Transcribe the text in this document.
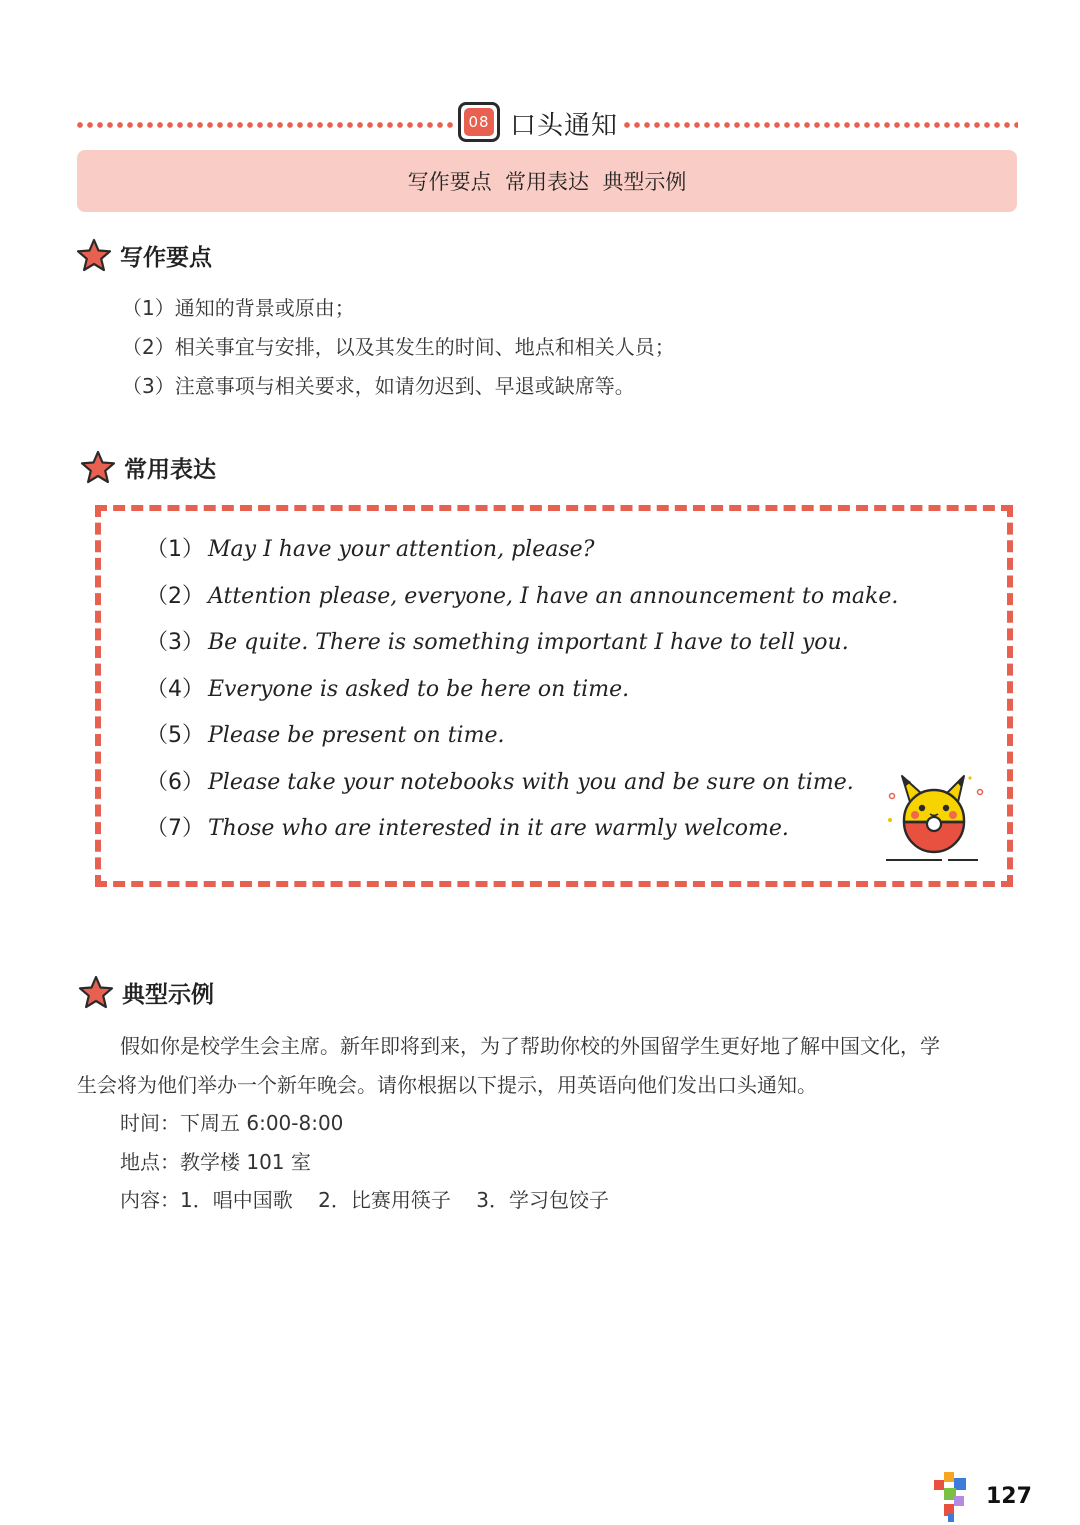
08 口头通知
写作要点  常用表达  典型示例
写作要点
（1）通知的背景或原由；
（2）相关事宜与安排，以及其发生的时间、地点和相关人员；
（3）注意事项与相关要求，如请勿迟到、早退或缺席等。
常用表达
（1） May I have your attention, please?
（2） Attention please, everyone, I have an announcement to make.
（3） Be quite. There is something important I have to tell you.
（4） Everyone is asked to be here on time.
（5） Please be present on time.
（6） Please take your notebooks with you and be sure on time.
（7） Those who are interested in it are warmly welcome.
典型示例
假如你是校学生会主席。新年即将到来，为了帮助你校的外国留学生更好地了解中国文化，学
生会将为他们举办一个新年晚会。请你根据以下提示，用英语向他们发出口头通知。
时间：下周五 6:00-8:00
地点：教学楼 101 室
内容：1．唱中国歌    2．比赛用筷子    3．学习包饺子
127
